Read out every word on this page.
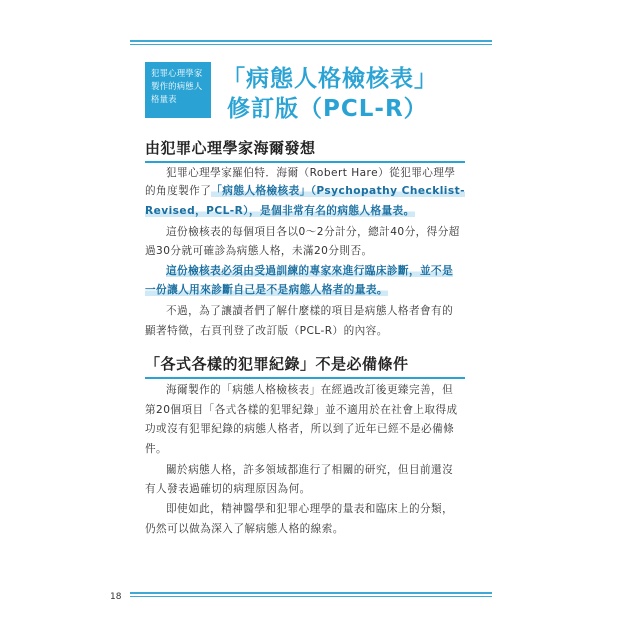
犯罪心理學家製作的病態人格量表
「病態人格檢核表」
修訂版（PCL-R）
由犯罪心理學家海爾發想
犯罪心理學家羅伯特．海爾（Robert Hare）從犯罪心理學
的角度製作了「病態人格檢核表」（Psychopathy Checklist-
Revised，PCL-R），是個非常有名的病態人格量表。
這份檢核表的每個項目各以0～2分計分，總計40分，得分超
過30分就可確診為病態人格，未滿20分則否。
這份檢核表必須由受過訓練的專家來進行臨床診斷，並不是
一份讓人用來診斷自己是不是病態人格者的量表。
不過，為了讓讀者們了解什麼樣的項目是病態人格者會有的
顯著特徵，右頁刊登了改訂版（PCL-R）的內容。
「各式各樣的犯罪紀錄」不是必備條件
海爾製作的「病態人格檢核表」在經過改訂後更臻完善，但
第20個項目「各式各樣的犯罪紀錄」並不適用於在社會上取得成
功或沒有犯罪紀錄的病態人格者，所以到了近年已經不是必備條
件。
關於病態人格，許多領域都進行了相關的研究，但目前還沒
有人發表過確切的病理原因為何。
即使如此，精神醫學和犯罪心理學的量表和臨床上的分類，
仍然可以做為深入了解病態人格的線索。
18
